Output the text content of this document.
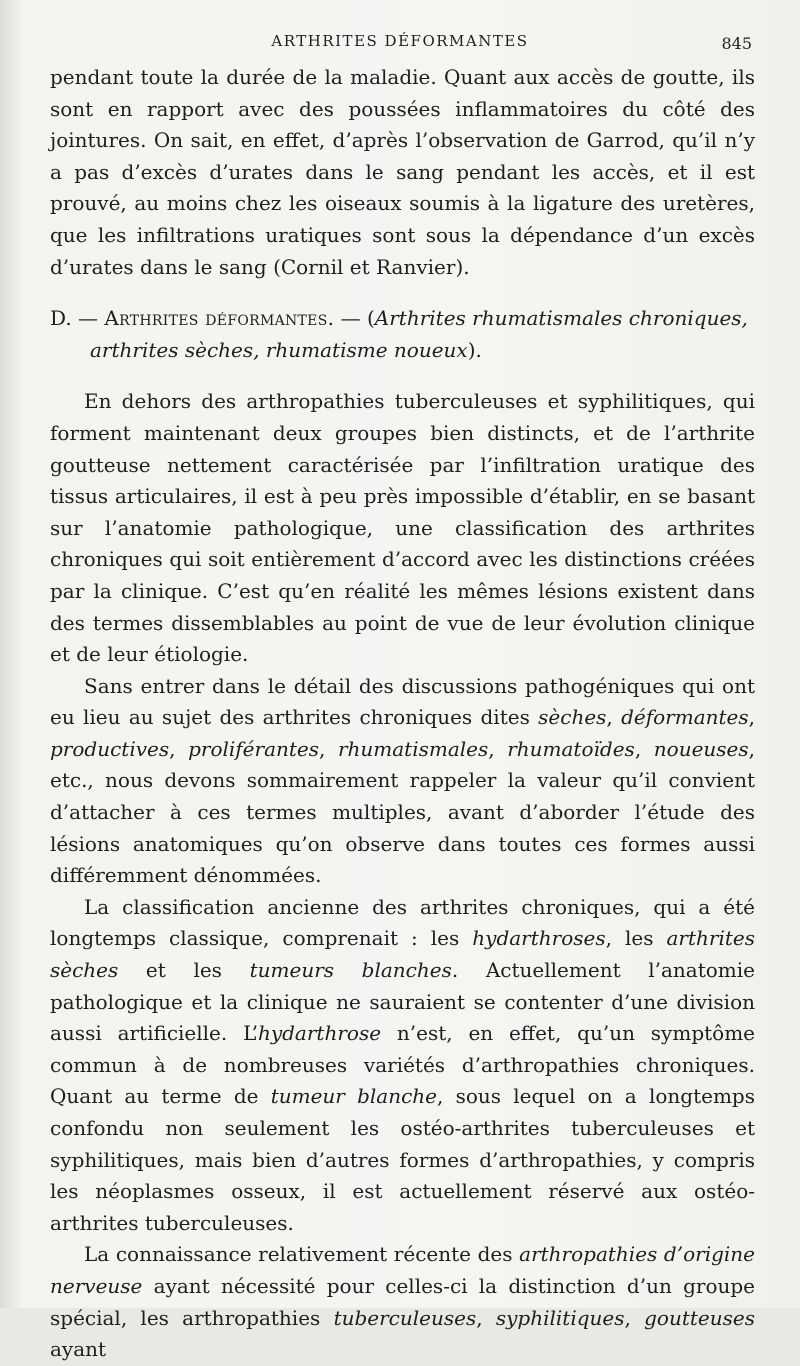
ARTHRITES DÉFORMANTES	845

pendant toute la durée de la maladie. Quant aux accès de goutte, ils sont en rapport avec des poussées inflammatoires du côté des jointures. On sait, en effet, d’après l’observation de Garrod, qu’il n’y a pas d’excès d’urates dans le sang pendant les accès, et il est prouvé, au moins chez les oiseaux soumis à la ligature des uretères, que les infiltrations uratiques sont sous la dépendance d’un excès d’urates dans le sang (Cornil et Ranvier).

D. — Arthrites déformantes. — (Arthrites rhumatismales chroniques,

arthrites sèches, rhumatisme noueux).

En dehors des arthropathies tuberculeuses et syphilitiques, qui forment maintenant deux groupes bien distincts, et de l’arthrite goutteuse nettement caractérisée par l’infiltration uratique des tissus articulaires, il est à peu près impossible d’établir, en se basant sur l’anatomie pathologique, une classification des arthrites chroniques qui soit entièrement d’accord avec les distinctions créées par la clinique. C’est qu’en réalité les mêmes lésions existent dans des termes dissemblables au point de vue de leur évolution clinique et de leur étiologie.

Sans entrer dans le détail des discussions pathogéniques qui ont eu lieu au sujet des arthrites chroniques dites sèches, déformantes, productives, proliférantes, rhumatismales, rhumatoïdes, noueuses, etc., nous devons sommairement rappeler la valeur qu’il convient d’attacher à ces termes multiples, avant d’aborder l’étude des lésions anatomiques qu’on observe dans toutes ces formes aussi différemment dénommées.

La classification ancienne des arthrites chroniques, qui a été longtemps classique, comprenait : les hydarthroses, les arthrites sèches et les tumeurs blanches. Actuellement l’anatomie pathologique et la clinique ne sauraient se contenter d’une division aussi artificielle. L’hydarthrose n’est, en effet, qu’un symptôme commun à de nombreuses variétés d’arthropathies chroniques. Quant au terme de tumeur blanche, sous lequel on a longtemps confondu non seulement les ostéo-arthrites tuberculeuses et syphilitiques, mais bien d’autres formes d’arthropathies, y compris les néoplasmes osseux, il est actuellement réservé aux ostéo-arthrites tuberculeuses.

La connaissance relativement récente des arthropathies d’origine nerveuse ayant nécessité pour celles-ci la distinction d’un groupe spécial, les arthropathies tuberculeuses, syphilitiques, goutteuses ayant
